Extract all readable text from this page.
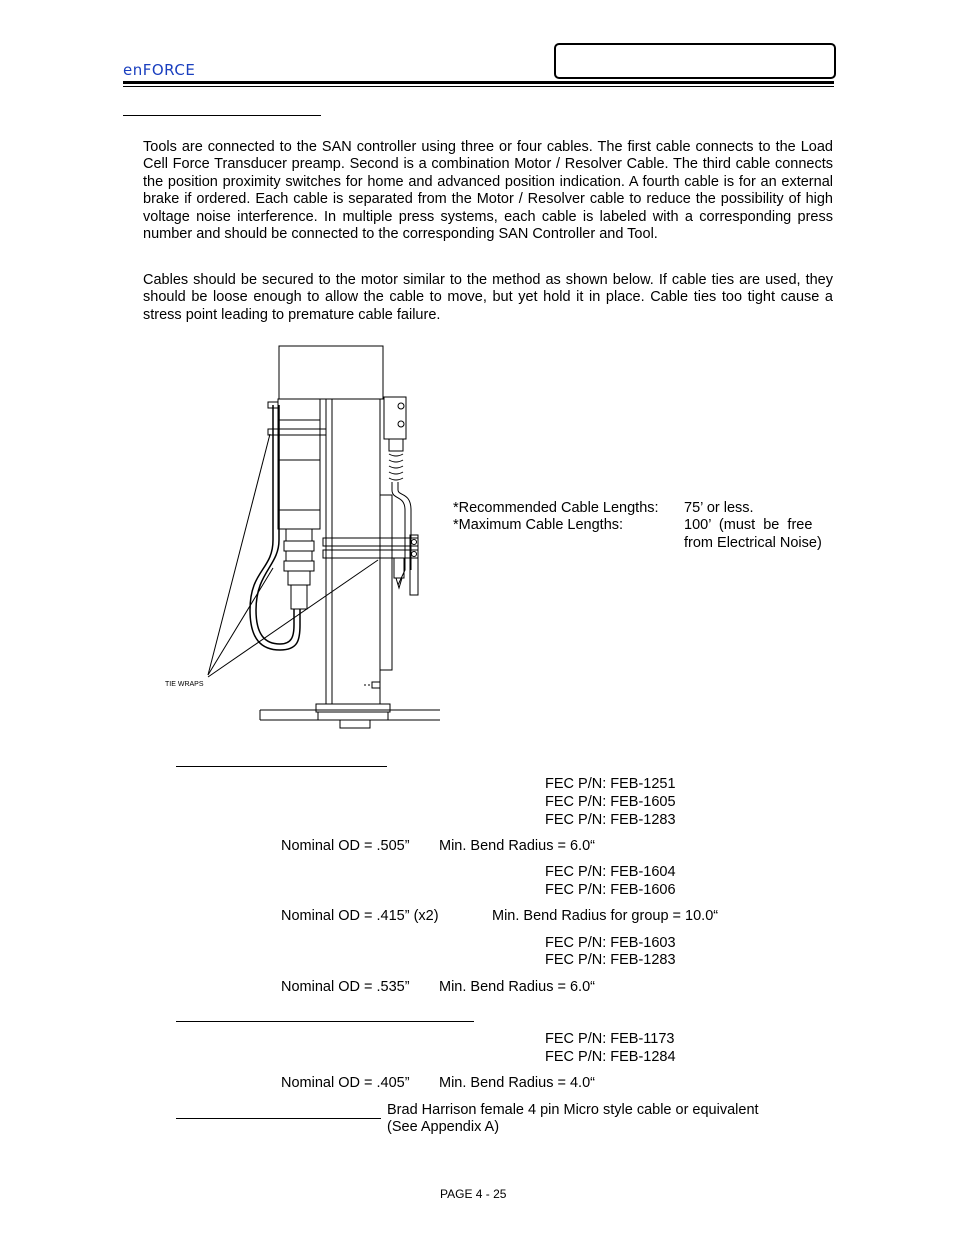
enFORCE

Tools are connected to the SAN controller using three or four cables. The first cable connects to the Load Cell Force Transducer preamp. Second is a combination Motor / Resolver Cable. The third cable connects the position proximity switches for home and advanced position indication. A fourth cable is for an external brake if ordered. Each cable is separated from the Motor / Resolver cable to reduce the possibility of high voltage noise interference. In multiple press systems, each cable is labeled with a corresponding press number and should be connected to the corresponding SAN Controller and Tool.

Cables should be secured to the motor similar to the method as shown below. If cable ties are used, they should be loose enough to allow the cable to move, but yet hold it in place. Cable ties too tight cause a stress point leading to premature cable failure.

TIE WRAPS
*Recommended Cable Lengths: 75’ or less.
*Maximum Cable Lengths:	100’  (must  be  free
from Electrical Noise)
FEC P/N: FEB-1251
FEC P/N: FEB-1605
FEC P/N: FEB-1283
Nominal OD = .505” Min. Bend Radius = 6.0“
FEC P/N: FEB-1604
FEC P/N: FEB-1606
Nominal OD = .415” (x2)	Min. Bend Radius for group = 10.0“
FEC P/N: FEB-1603
FEC P/N: FEB-1283
Nominal OD = .535” Min. Bend Radius = 6.0“
FEC P/N: FEB-1173
FEC P/N: FEB-1284
Nominal OD = .405” Min. Bend Radius = 4.0“
Brad Harrison female 4 pin Micro style cable or equivalent
(See Appendix A)
PAGE 4 - 25
